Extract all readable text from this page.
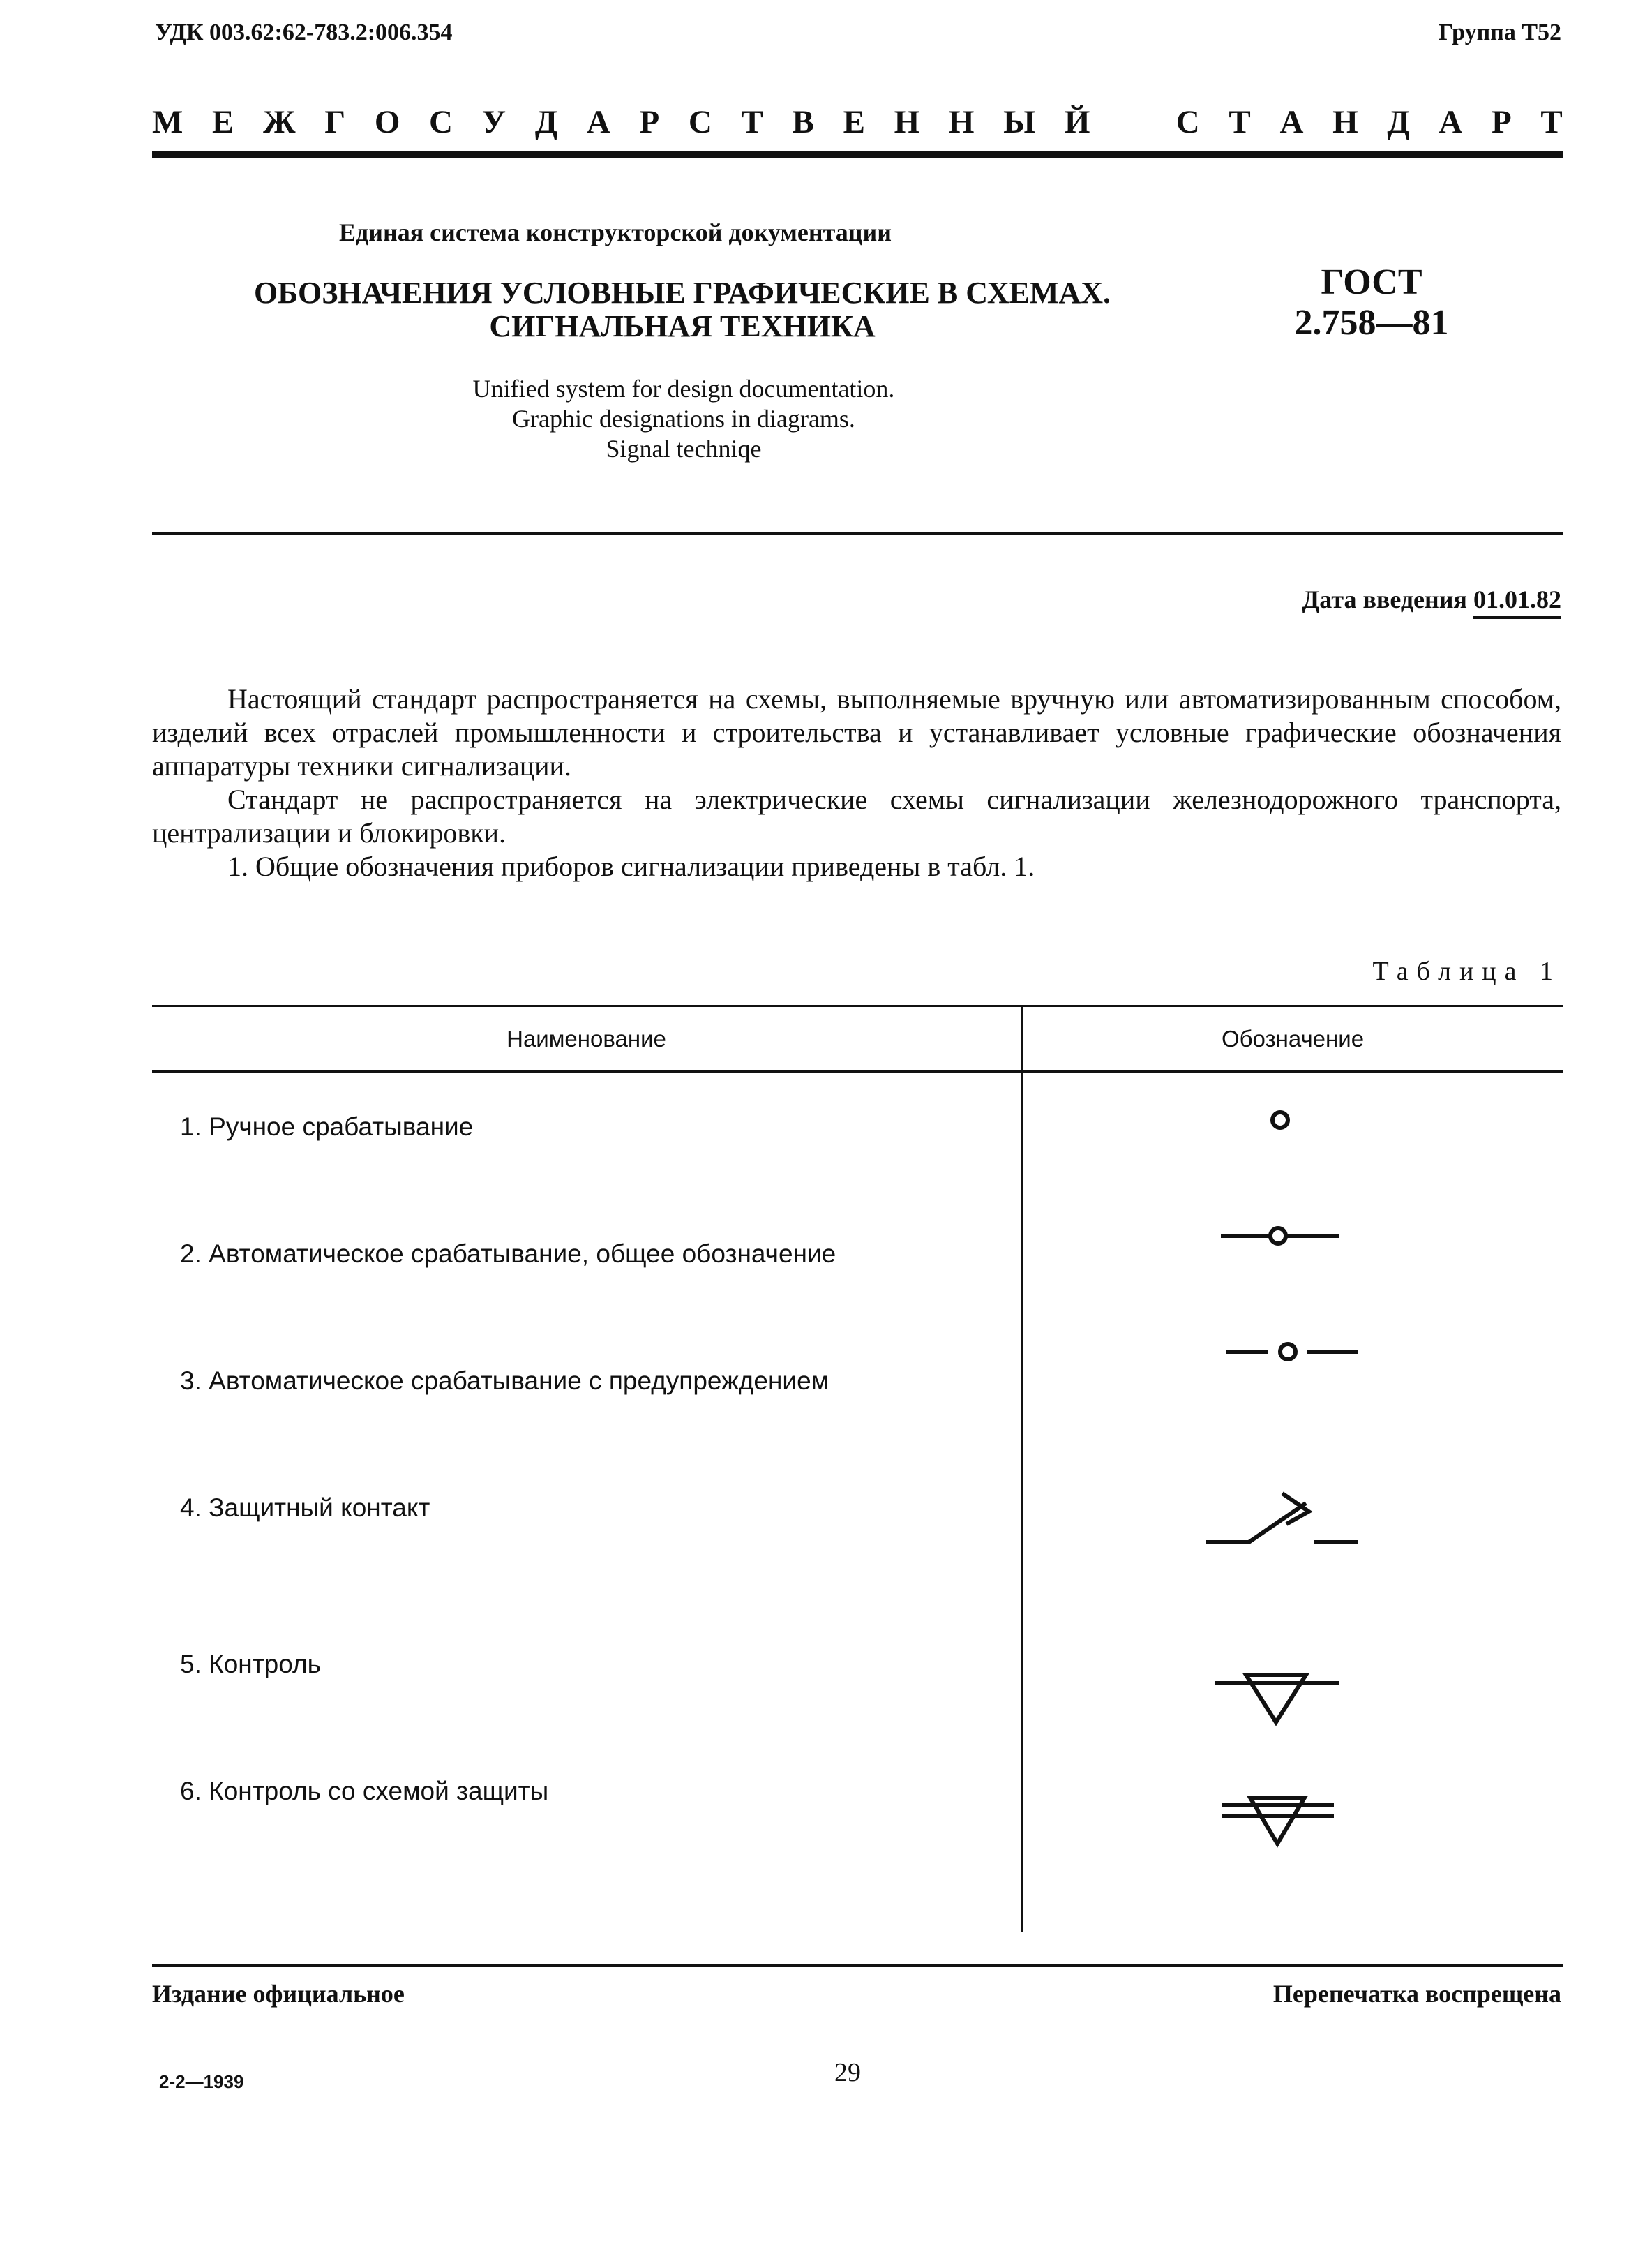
УДК 003.62:62-783.2:006.354	Группа Т52
М Е Ж Г О С У Д А Р С Т В Е Н Н Ы Й	С Т А Н Д А Р Т
Единая система конструкторской документации
ОБОЗНАЧЕНИЯ УСЛОВНЫЕ ГРАФИЧЕСКИЕ В СХЕМАХ.
СИГНАЛЬНАЯ ТЕХНИКА
ГОСТ
2.758—81
Unified system for design documentation.
Graphic designations in diagrams.
Signal techniqe
Дата введения 01.01.82
Настоящий стандарт распространяется на схемы, выполняемые вручную или автоматизированным способом, изделий всех отраслей промышленности и строительства и устанавливает условные графические обозначения аппаратуры техники сигнализации.
Стандарт не распространяется на электрические схемы сигнализации железнодорожного транспорта, централизации и блокировки.
1. Общие обозначения приборов сигнализации приведены в табл. 1.
Таблица 1
Наименование	Обозначение
1. Ручное срабатывание
2. Автоматическое срабатывание, общее обозначение
3. Автоматическое срабатывание с предупреждением
4. Защитный контакт
5. Контроль
6. Контроль со схемой защиты
Издание официальное	Перепечатка воспрещена
29
2-2—1939
